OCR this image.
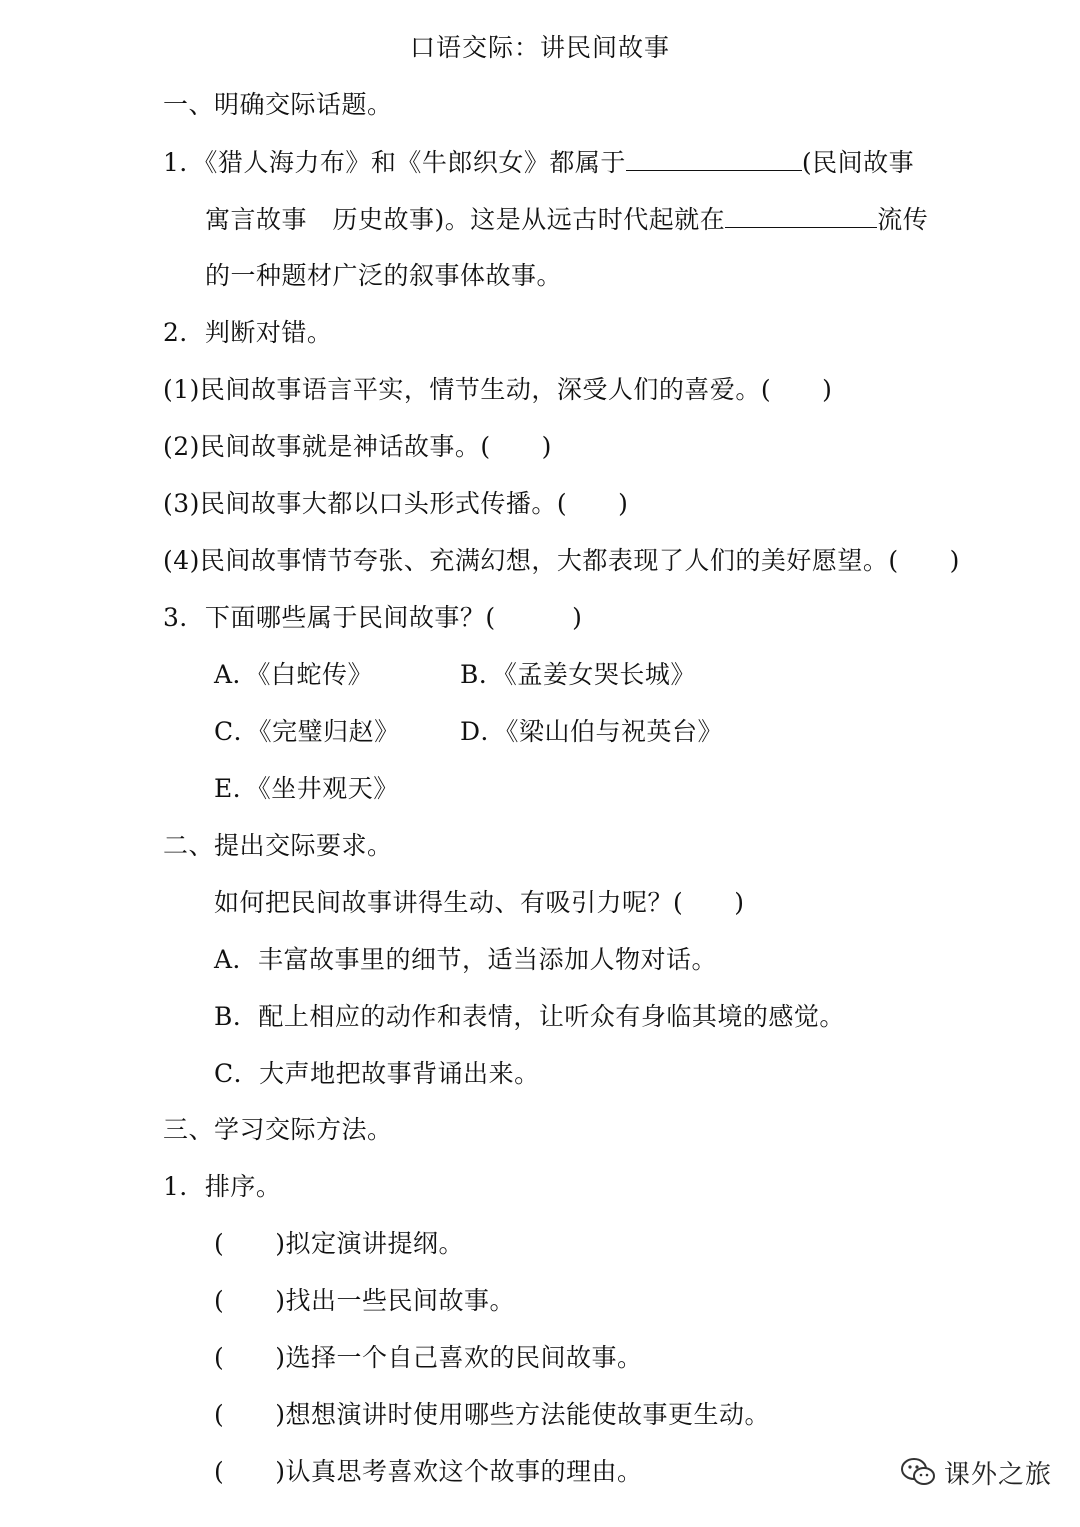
口语交际：讲民间故事
一、明确交际话题。
1．《猎人海力布》和《牛郎织女》都属于	(民间故事
寓言故事　历史故事)。这是从远古时代起就在	流传
的一种题材广泛的叙事体故事。
2．判断对错。
(1)民间故事语言平实，情节生动，深受人们的喜爱。(　　)
(2)民间故事就是神话故事。(　　)
(3)民间故事大都以口头形式传播。(　　)
(4)民间故事情节夸张、充满幻想，大都表现了人们的美好愿望。(　　)
3．下面哪些属于民间故事？(　　　)
A．《白蛇传》	B．《孟姜女哭长城》
C．《完璧归赵》 D．《梁山伯与祝英台》
E．《坐井观天》
二、提出交际要求。
如何把民间故事讲得生动、有吸引力呢？(　　)
A．丰富故事里的细节，适当添加人物对话。
B．配上相应的动作和表情，让听众有身临其境的感觉。
C．大声地把故事背诵出来。
三、学习交际方法。
1．排序。
(　　)拟定演讲提纲。
(　　)找出一些民间故事。
(　　)选择一个自己喜欢的民间故事。
(　　)想想演讲时使用哪些方法能使故事更生动。
(　　)认真思考喜欢这个故事的理由。	课外之旅
